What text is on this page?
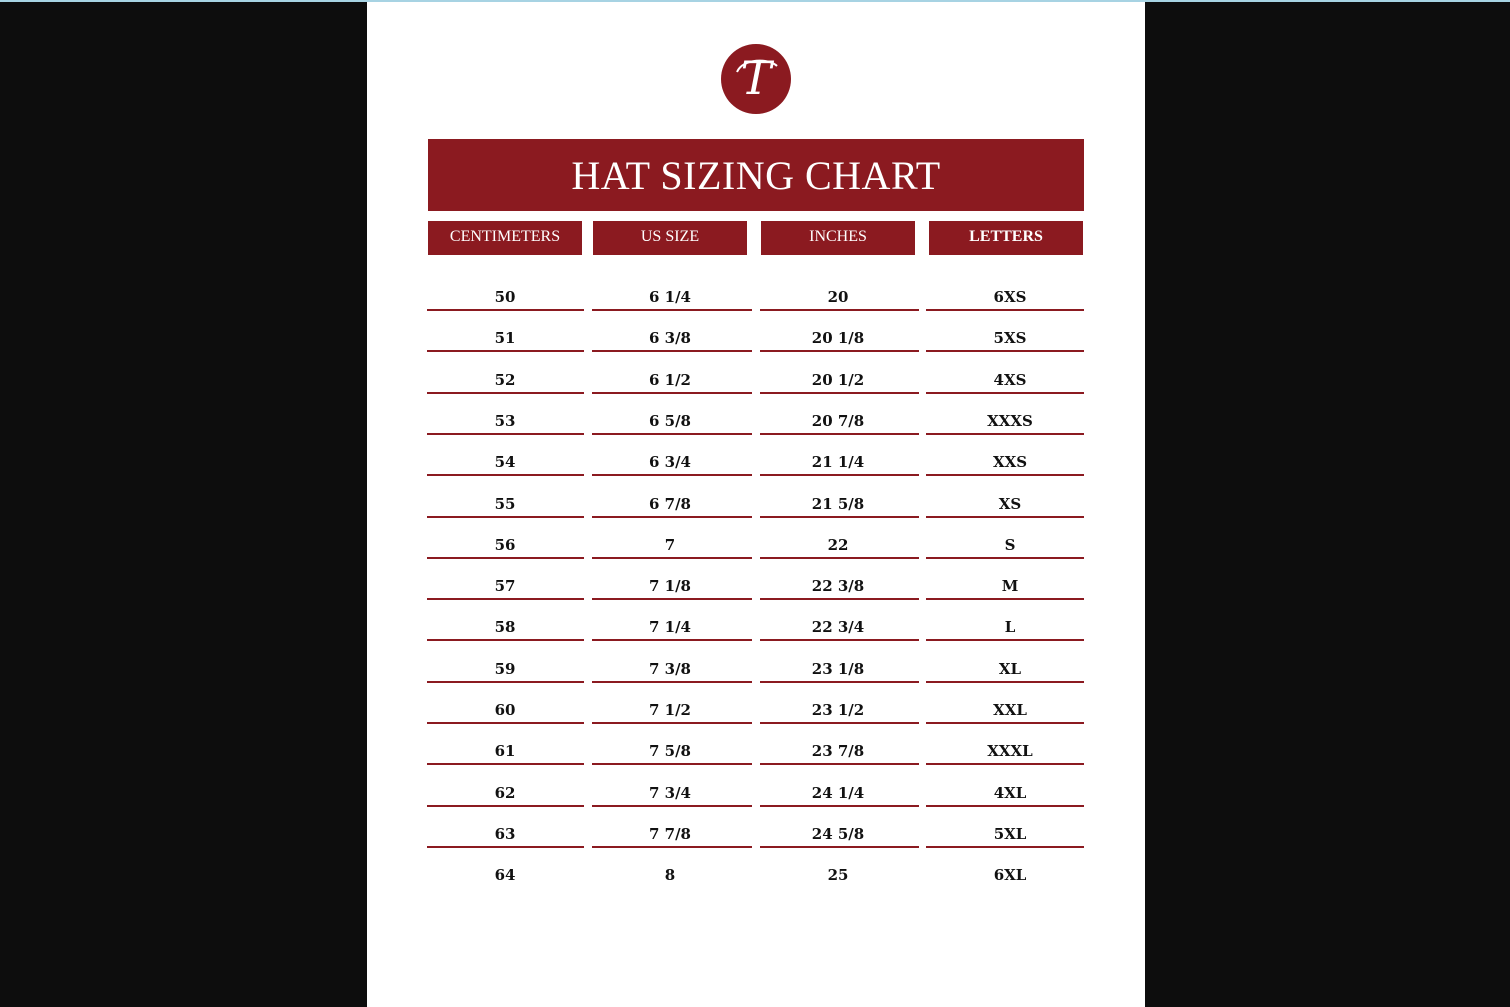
T
HAT SIZING CHART
CENTIMETERS	US SIZE	INCHES	LETTERS
50	6 1/4	20	6XS
51	6 3/8	20 1/8	5XS
52	6 1/2	20 1/2	4XS
53	6 5/8	20 7/8	XXXS
54	6 3/4	21 1/4	XXS
55	6 7/8	21 5/8	XS
56	7	22	S
57	7 1/8	22 3/8	M
58	7 1/4	22 3/4	L
59	7 3/8	23 1/8	XL
60	7 1/2	23 1/2	XXL
61	7 5/8	23 7/8	XXXL
62	7 3/4	24 1/4	4XL
63	7 7/8	24 5/8	5XL
64	8	25	6XL
